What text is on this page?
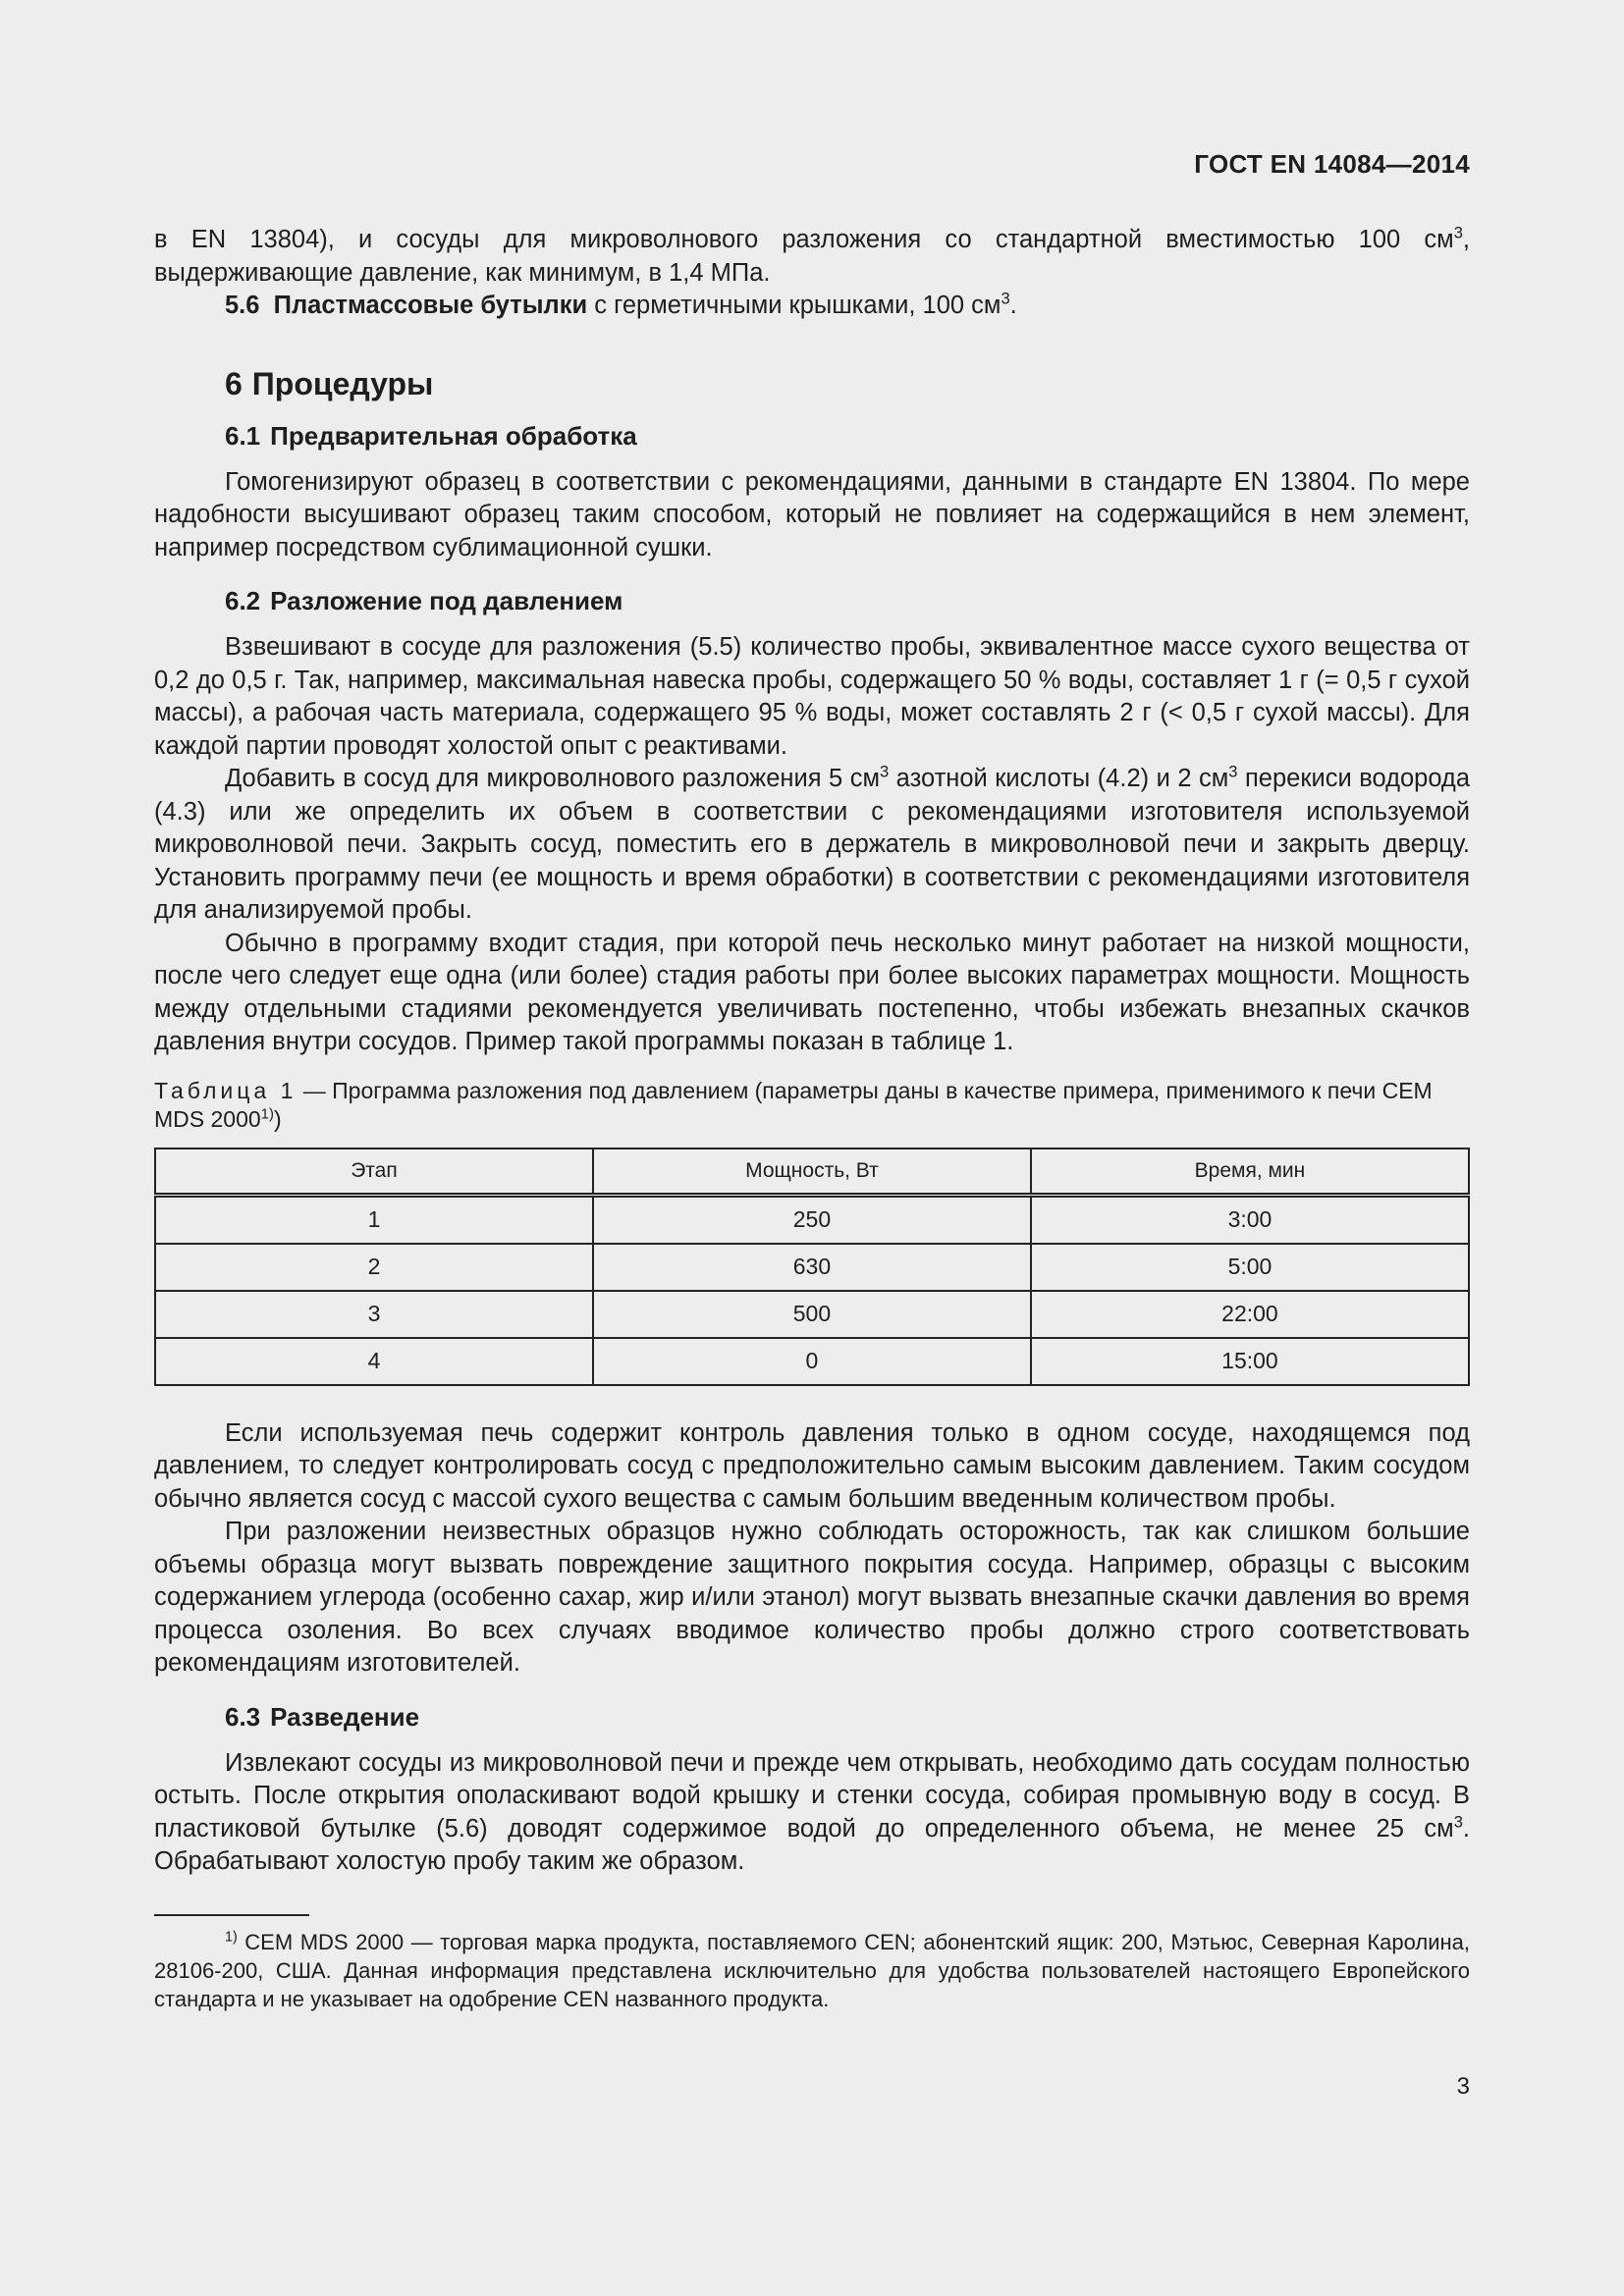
ГОСТ EN 14084—2014

в EN 13804), и сосуды для микроволнового разложения со стандартной вместимостью 100 $см^3$, выдерживающие давление, как минимум, в 1,4 МПа.

5.6 Пластмассовые бутылки с герметичными крышками, 100 $см^3$.

6 Процедуры
6.1 Предварительная обработка

Гомогенизируют образец в соответствии с рекомендациями, данными в стандарте EN 13804. По мере надобности высушивают образец таким способом, который не повлияет на содержащийся в нем элемент, например посредством сублимационной сушки.

6.2 Разложение под давлением

Взвешивают в сосуде для разложения (5.5) количество пробы, эквивалентное массе сухого вещества от 0,2 до 0,5 г. Так, например, максимальная навеска пробы, содержащего 50 % воды, составляет 1 г (= 0,5 г сухой массы), а рабочая часть материала, содержащего 95 % воды, может составлять 2 г (< 0,5 г сухой массы). Для каждой партии проводят холостой опыт с реактивами.

Добавить в сосуд для микроволнового разложения 5 $см^3$ азотной кислоты (4.2) и 2 $см^3$ перекиси водорода (4.3) или же определить их объем в соответствии с рекомендациями изготовителя используемой микроволновой печи. Закрыть сосуд, поместить его в держатель в микроволновой печи и закрыть дверцу. Установить программу печи (ее мощность и время обработки) в соответствии с рекомендациями изготовителя для анализируемой пробы.

Обычно в программу входит стадия, при которой печь несколько минут работает на низкой мощности, после чего следует еще одна (или более) стадия работы при более высоких параметрах мощности. Мощность между отдельными стадиями рекомендуется увеличивать постепенно, чтобы избежать внезапных скачков давления внутри сосудов. Пример такой программы показан в таблице 1.

Таблица 1 — Программа разложения под давлением (параметры даны в качестве примера, применимого к печи CEM MDS 2000$^{1)}$)

Этап	Мощность, Вт	Время, мин
1	250	3:00
2	630	5:00
3	500	22:00
4	0	15:00

Если используемая печь содержит контроль давления только в одном сосуде, находящемся под давлением, то следует контролировать сосуд с предположительно самым высоким давлением. Таким сосудом обычно является сосуд с массой сухого вещества с самым большим введенным количеством пробы.

При разложении неизвестных образцов нужно соблюдать осторожность, так как слишком большие объемы образца могут вызвать повреждение защитного покрытия сосуда. Например, образцы с высоким содержанием углерода (особенно сахар, жир и/или этанол) могут вызвать внезапные скачки давления во время процесса озоления. Во всех случаях вводимое количество пробы должно строго соответствовать рекомендациям изготовителей.

6.3 Разведение

Извлекают сосуды из микроволновой печи и прежде чем открывать, необходимо дать сосудам полностью остыть. После открытия ополаскивают водой крышку и стенки сосуда, собирая промывную воду в сосуд. В пластиковой бутылке (5.6) доводят содержимое водой до определенного объема, не менее 25 $см^3$. Обрабатывают холостую пробу таким же образом.

$^{1)}$ CEM MDS 2000 — торговая марка продукта, поставляемого CEN; абонентский ящик: 200, Мэтьюс, Северная Каролина, 28106-200, США. Данная информация представлена исключительно для удобства пользователей настоящего Европейского стандарта и не указывает на одобрение CEN названного продукта.
3
